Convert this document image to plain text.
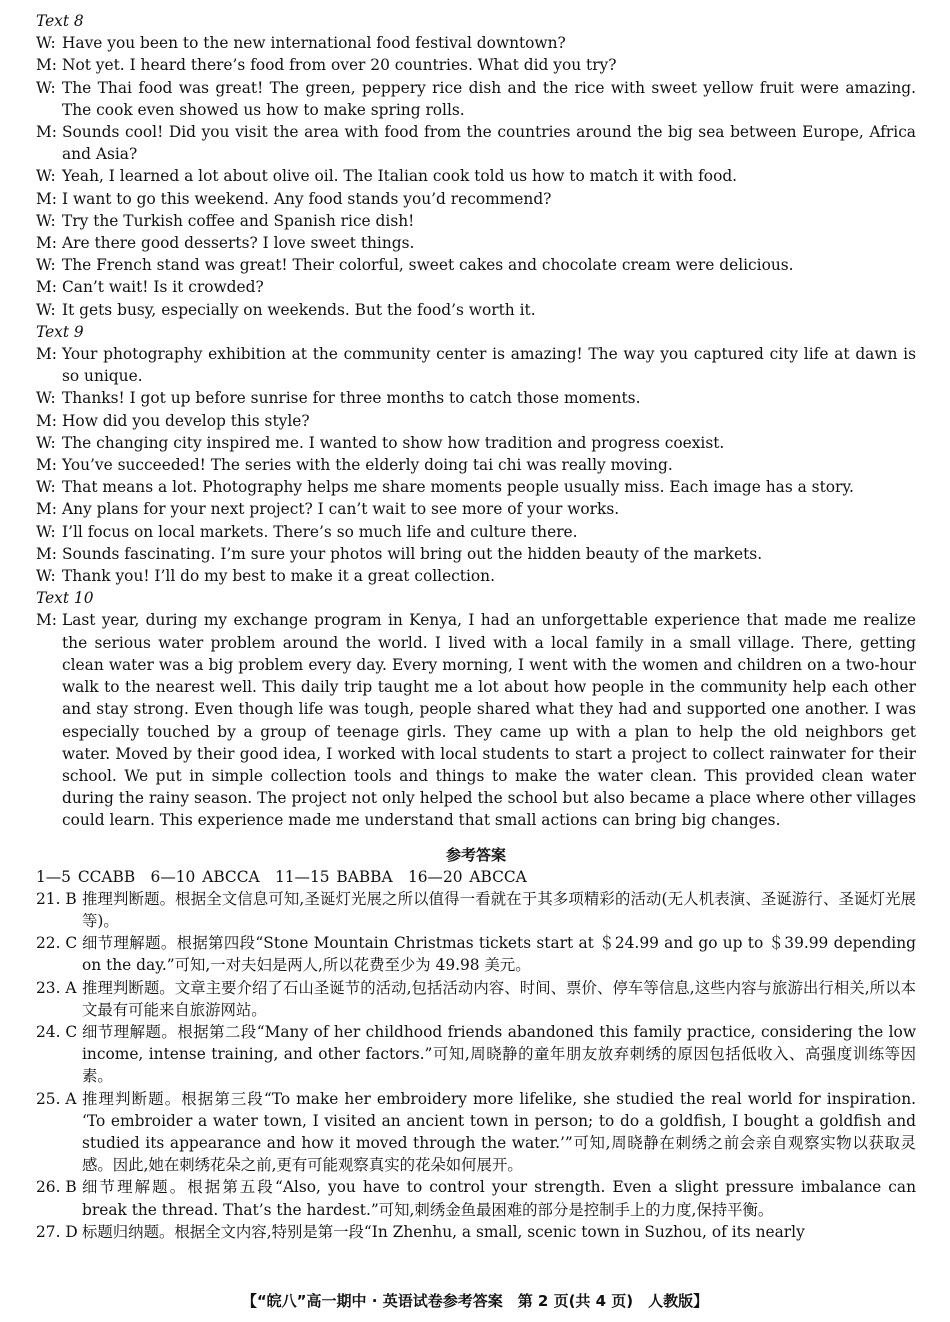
Text 8
W: Have you been to the new international food festival downtown?
M: Not yet. I heard there’s food from over 20 countries. What did you try?
W: The Thai food was great! The green, peppery rice dish and the rice with sweet yellow fruit were amazing. The cook even showed us how to make spring rolls.
M: Sounds cool! Did you visit the area with food from the countries around the big sea between Europe, Africa and Asia?
W: Yeah, I learned a lot about olive oil. The Italian cook told us how to match it with food.
M: I want to go this weekend. Any food stands you’d recommend?
W: Try the Turkish coffee and Spanish rice dish!
M: Are there good desserts? I love sweet things.
W: The French stand was great! Their colorful, sweet cakes and chocolate cream were delicious.
M: Can’t wait! Is it crowded?
W: It gets busy, especially on weekends. But the food’s worth it.
Text 9
M: Your photography exhibition at the community center is amazing! The way you captured city life at dawn is so unique.
W: Thanks! I got up before sunrise for three months to catch those moments.
M: How did you develop this style?
W: The changing city inspired me. I wanted to show how tradition and progress coexist.
M: You’ve succeeded! The series with the elderly doing tai chi was really moving.
W: That means a lot. Photography helps me share moments people usually miss. Each image has a story.
M: Any plans for your next project? I can’t wait to see more of your works.
W: I’ll focus on local markets. There’s so much life and culture there.
M: Sounds fascinating. I’m sure your photos will bring out the hidden beauty of the markets.
W: Thank you! I’ll do my best to make it a great collection.
Text 10
M: Last year, during my exchange program in Kenya, I had an unforgettable experience that made me realize the serious water problem around the world. I lived with a local family in a small village. There, getting clean water was a big problem every day. Every morning, I went with the women and children on a two-hour walk to the nearest well. This daily trip taught me a lot about how people in the community help each other and stay strong. Even though life was tough, people shared what they had and supported one another. I was especially touched by a group of teenage girls. They came up with a plan to help the old neighbors get water. Moved by their good idea, I worked with local students to start a project to collect rainwater for their school. We put in simple collection tools and things to make the water clean. This provided clean water during the rainy season. The project not only helped the school but also became a place where other villages could learn. This experience made me understand that small actions can bring big changes.
参考答案
1—5 CCABB　6—10 ABCCA　11—15 BABBA　16—20 ABCCA
21. B 推理判断题。根据全文信息可知,圣诞灯光展之所以值得一看就在于其多项精彩的活动(无人机表演、圣诞游行、圣诞灯光展等)。
22. C 细节理解题。根据第四段“Stone Mountain Christmas tickets start at ＄24.99 and go up to ＄39.99 depending on the day.”可知,一对夫妇是两人,所以花费至少为 49.98 美元。
23. A 推理判断题。文章主要介绍了石山圣诞节的活动,包括活动内容、时间、票价、停车等信息,这些内容与旅游出行相关,所以本文最有可能来自旅游网站。
24. C 细节理解题。根据第二段“Many of her childhood friends abandoned this family practice, considering the low income, intense training, and other factors.”可知,周晓静的童年朋友放弃刺绣的原因包括低收入、高强度训练等因素。
25. A 推理判断题。根据第三段“To make her embroidery more lifelike, she studied the real world for inspiration. ‘To embroider a water town, I visited an ancient town in person; to do a goldfish, I bought a goldfish and studied its appearance and how it moved through the water.’”可知,周晓静在刺绣之前会亲自观察实物以获取灵感。因此,她在刺绣花朵之前,更有可能观察真实的花朵如何展开。
26. B 细节理解题。根据第五段“Also, you have to control your strength. Even a slight pressure imbalance can break the thread. That’s the hardest.”可知,刺绣金鱼最困难的部分是控制手上的力度,保持平衡。
27. D 标题归纳题。根据全文内容,特别是第一段“In Zhenhu, a small, scenic town in Suzhou, of its nearly
【“皖八”高一期中 · 英语试卷参考答案　第 2 页(共 4 页)　人教版】
